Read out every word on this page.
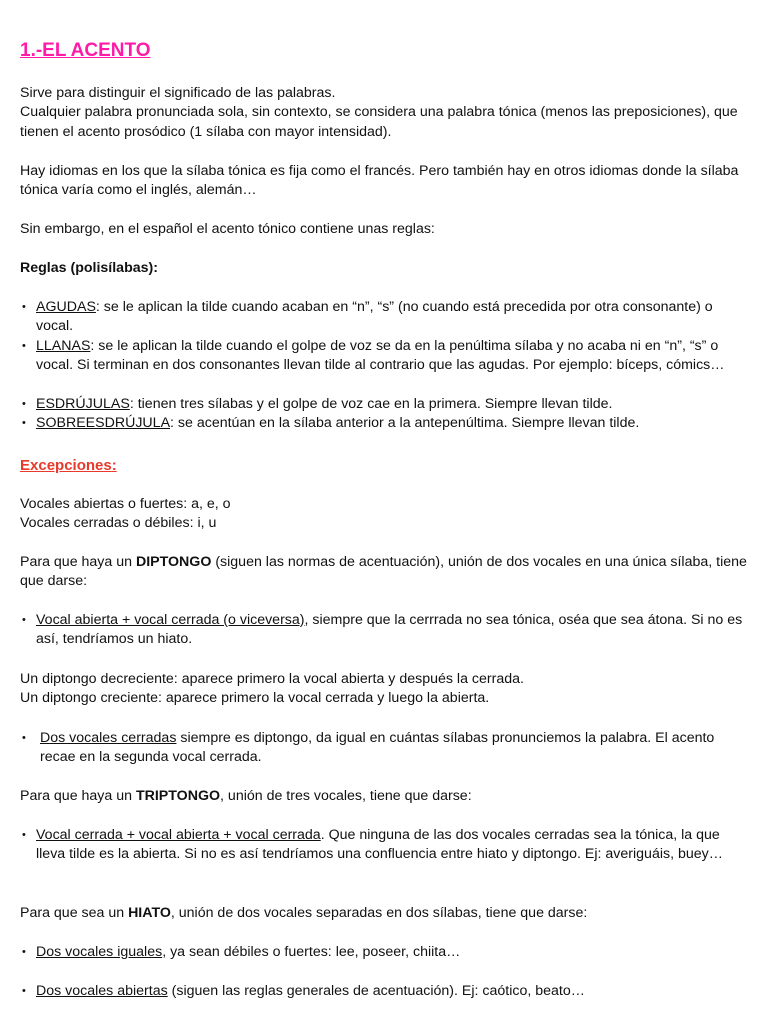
1.-EL ACENTO

Sirve para distinguir el significado de las palabras.
Cualquier palabra pronunciada sola, sin contexto, se considera una palabra tónica (menos las preposiciones), que tienen el acento prosódico (1 sílaba con mayor intensidad).

Hay idiomas en los que la sílaba tónica es fija como el francés. Pero también hay en otros idiomas donde la sílaba tónica varía como el inglés, alemán…

Sin embargo, en el español el acento tónico contiene unas reglas:

Reglas (polisílabas):

• AGUDAS: se le aplican la tilde cuando acaban en “n”, “s” (no cuando está precedida por otra consonante) o vocal.

• LLANAS: se le aplican la tilde cuando el golpe de voz se da en la penúltima sílaba y no acaba ni en “n”, “s” o vocal. Si terminan en dos consonantes llevan tilde al contrario que las agudas. Por ejemplo: bíceps, cómics…

• ESDRÚJULAS: tienen tres sílabas y el golpe de voz cae en la primera. Siempre llevan tilde.

• SOBREESDRÚJULA: se acentúan en la sílaba anterior a la antepenúltima. Siempre llevan tilde.

Excepciones:

Vocales abiertas o fuertes: a, e, o
Vocales cerradas o débiles: i, u

Para que haya un DIPTONGO (siguen las normas de acentuación), unión de dos vocales en una única sílaba, tiene que darse:

• Vocal abierta + vocal cerrada (o viceversa), siempre que la cerrrada no sea tónica, oséa que sea átona. Si no es así, tendríamos un hiato.

Un diptongo decreciente: aparece primero la vocal abierta y después la cerrada.
Un diptongo creciente: aparece primero la vocal cerrada y luego la abierta.

• Dos vocales cerradas siempre es diptongo, da igual en cuántas sílabas pronunciemos la palabra. El acento recae en la segunda vocal cerrada.

Para que haya un TRIPTONGO, unión de tres vocales, tiene que darse:

• Vocal cerrada + vocal abierta + vocal cerrada. Que ninguna de las dos vocales cerradas sea la tónica, la que lleva tilde es la abierta. Si no es así tendríamos una confluencia entre hiato y diptongo. Ej: averiguáis, buey…

Para que sea un HIATO, unión de dos vocales separadas en dos sílabas, tiene que darse:

• Dos vocales iguales, ya sean débiles o fuertes: lee, poseer, chiita…

• Dos vocales abiertas (siguen las reglas generales de acentuación). Ej: caótico, beato…
